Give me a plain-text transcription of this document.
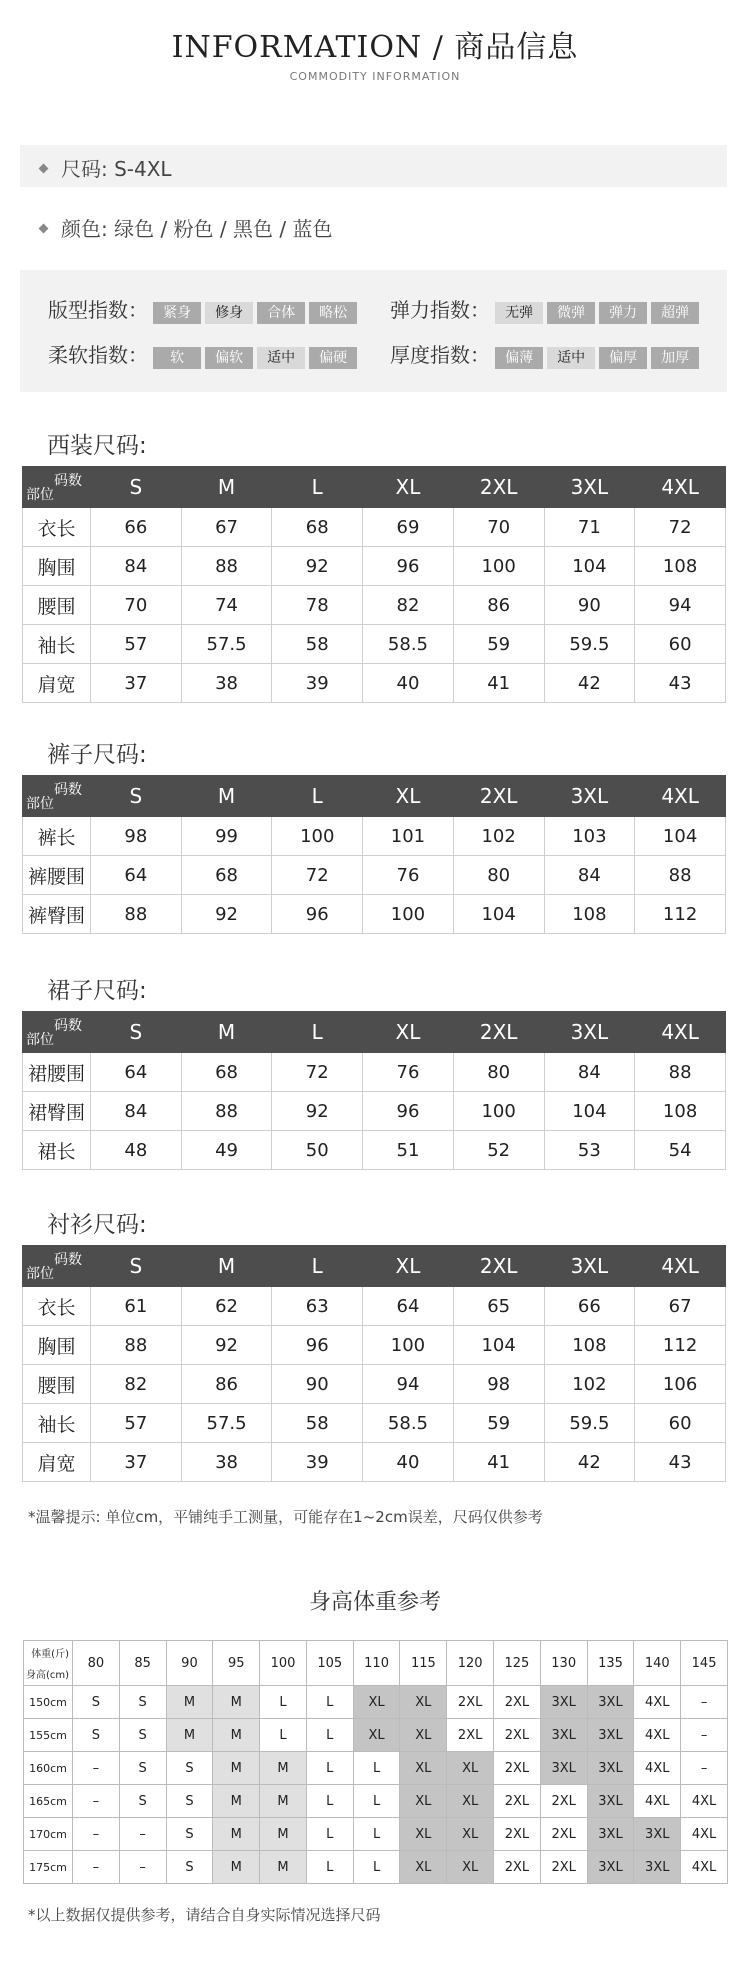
INFORMATION / 商品信息
COMMODITY INFORMATION
尺码: S-4XL
颜色: 绿色 / 粉色 / 黑色 / 蓝色
版型指数： 紧身 修身 合体 略松	弹力指数： 无弹 微弹 弹力 超弹
柔软指数： 软 偏软 适中 偏硬	厚度指数： 偏薄 适中 偏厚 加厚
西装尺码:
码数
部位	S	M	L	XL	2XL	3XL	4XL
衣长	66	67	68	69	70	71	72
胸围	84	88	92	96	100	104	108
腰围	70	74	78	82	86	90	94
袖长	57	57.5	58	58.5	59	59.5	60
肩宽	37	38	39	40	41	42	43
裤子尺码:
码数
部位	S	M	L	XL	2XL	3XL	4XL
裤长	98	99	100	101	102	103	104
裤腰围	64	68	72	76	80	84	88
裤臀围	88	92	96	100	104	108	112
裙子尺码:
码数
部位	S	M	L	XL	2XL	3XL	4XL
裙腰围	64	68	72	76	80	84	88
裙臀围	84	88	92	96	100	104	108
裙长	48	49	50	51	52	53	54
衬衫尺码:
码数
部位	S	M	L	XL	2XL	3XL	4XL
衣长	61	62	63	64	65	66	67
胸围	88	92	96	100	104	108	112
腰围	82	86	90	94	98	102	106
袖长	57	57.5	58	58.5	59	59.5	60
肩宽	37	38	39	40	41	42	43
*温馨提示: 单位cm，平铺纯手工测量，可能存在1~2cm误差，尺码仅供参考
身高体重参考
体重(斤)
身高(cm)	80	85	90	95	100	105	110	115	120	125	130	135	140	145
150cm	S	S	M	M	L	L	XL	XL	2XL	2XL	3XL	3XL	4XL	–
155cm	S	S	M	M	L	L	XL	XL	2XL	2XL	3XL	3XL	4XL	–
160cm	–	S	S	M	M	L	L	XL	XL	2XL	3XL	3XL	4XL	–
165cm	–	S	S	M	M	L	L	XL	XL	2XL	2XL	3XL	4XL	4XL
170cm	–	–	S	M	M	L	L	XL	XL	2XL	2XL	3XL	3XL	4XL
175cm	–	–	S	M	M	L	L	XL	XL	2XL	2XL	3XL	3XL	4XL
*以上数据仅提供参考，请结合自身实际情况选择尺码
